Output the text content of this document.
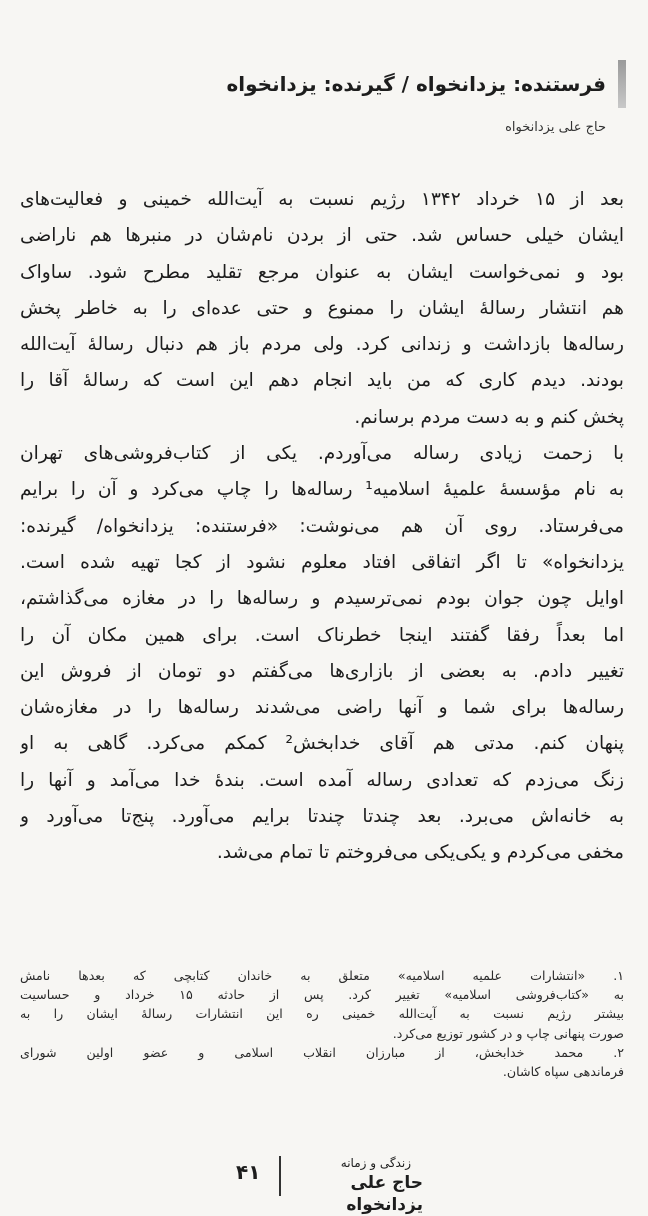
فرستنده: یزدانخواه / گیرنده: یزدانخواه
حاج علی یزدانخواه
بعد از ۱۵ خرداد ۱۳۴۲ رژیم نسبت به آیت‌الله خمینی و فعالیت‌های
ایشان خیلی حساس شد. حتی از بردن نام‌شان در منبرها هم ناراضی
بود و نمی‌خواست ایشان به عنوان مرجع تقلید مطرح شود. ساواک
هم انتشار رسالهٔ ایشان را ممنوع و حتی عده‌ای را به خاطر پخش
رساله‌ها بازداشت و زندانی کرد. ولی مردم باز هم دنبال رسالهٔ آیت‌الله
بودند. دیدم کاری که من باید انجام دهم این است که رسالهٔ آقا را
پخش کنم و به دست مردم برسانم.
با زحمت زیادی رساله می‌آوردم. یکی از کتاب‌فروشی‌های تهران
به نام مؤسسهٔ علمیهٔ اسلامیه¹ رساله‌ها را چاپ می‌کرد و آن را برایم
می‌فرستاد. روی آن هم می‌نوشت: «فرستنده: یزدانخواه/ گیرنده:
یزدانخواه» تا اگر اتفاقی افتاد معلوم نشود از کجا تهیه شده است.
اوایل چون جوان بودم نمی‌ترسیدم و رساله‌ها را در مغازه می‌گذاشتم،
اما بعداً رفقا گفتند اینجا خطرناک است. برای همین مکان آن را
تغییر دادم. به بعضی از بازاری‌ها می‌گفتم دو تومان از فروش این
رساله‌ها برای شما و آنها راضی می‌شدند رساله‌ها را در مغازه‌شان
پنهان کنم. مدتی هم آقای خدابخش² کمکم می‌کرد. گاهی به او
زنگ می‌زدم که تعدادی رساله آمده است. بندهٔ خدا می‌آمد و آنها را
به خانه‌اش می‌برد. بعد چندتا چندتا برایم می‌آورد. پنج‌تا می‌آورد و
مخفی می‌کردم و یکی‌یکی می‌فروختم تا تمام می‌شد.
۱. «انتشارات علمیه اسلامیه» متعلق به خاندان کتابچی که بعدها نامش
به «کتاب‌فروشی اسلامیه» تغییر کرد. پس از حادثه ۱۵ خرداد و حساسیت
بیشتر رژیم نسبت به آیت‌الله خمینی ره این انتشارات رسالهٔ ایشان را به
صورت پنهانی چاپ و در کشور توزیع می‌کرد.
۲. محمد خدابخش، از مبارزان انقلاب اسلامی و عضو اولین شورای
فرماندهی سپاه کاشان.
۴۱	زندگی و زمانه
حاج علی یزدانخواه
